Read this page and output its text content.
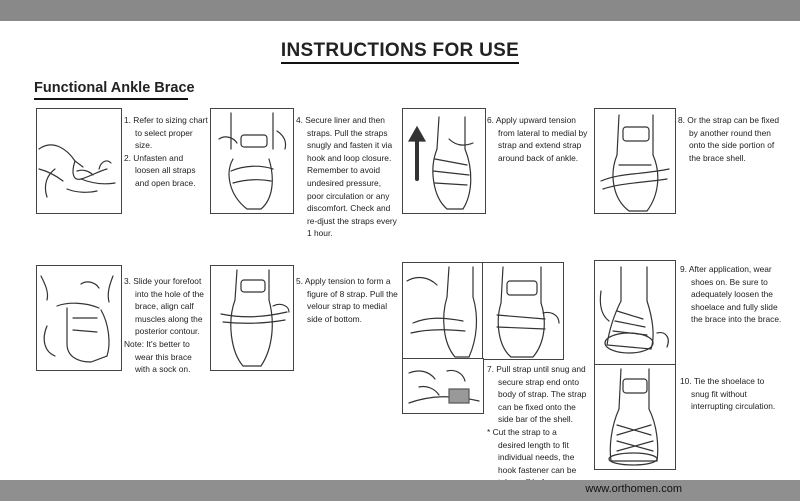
INSTRUCTIONS FOR USE
Functional Ankle Brace

1. Refer to sizing chart

to select proper

size.

2. Unfasten and

loosen all straps

and open brace.

4. Secure liner and then

straps. Pull the straps

snugly and fasten it via

hook and loop closure.

Remember to avoid

undesired pressure,

poor circulation or any

discomfort. Check and

re-djust the straps every

1 hour.

6. Apply upward tension

from lateral to medial by

strap and extend strap

around back of ankle.

8. Or the strap can be fixed

by another round then

onto the side portion of

the brace shell.

3. Slide your forefoot

into the hole of the

brace, align calf

muscles along the

posterior contour.

Note: It's better to

wear this brace

with a sock on.

5. Apply tension to form a

figure of 8 strap. Pull the

velour strap to medial

side of bottom.

7. Pull strap until snug and

secure strap end onto

body of strap. The strap

can be fixed onto the

side bar of the shell.

* Cut the strap to a

desired length to fit

individual needs, the

hook fastener can be

9. After application, wear

shoes on. Be sure to

adequately loosen the

shoelace and fully slide

the brace into the brace.

10. Tie the shoelace to

snug fit without

interrupting circulation.

www.orthomen.com
